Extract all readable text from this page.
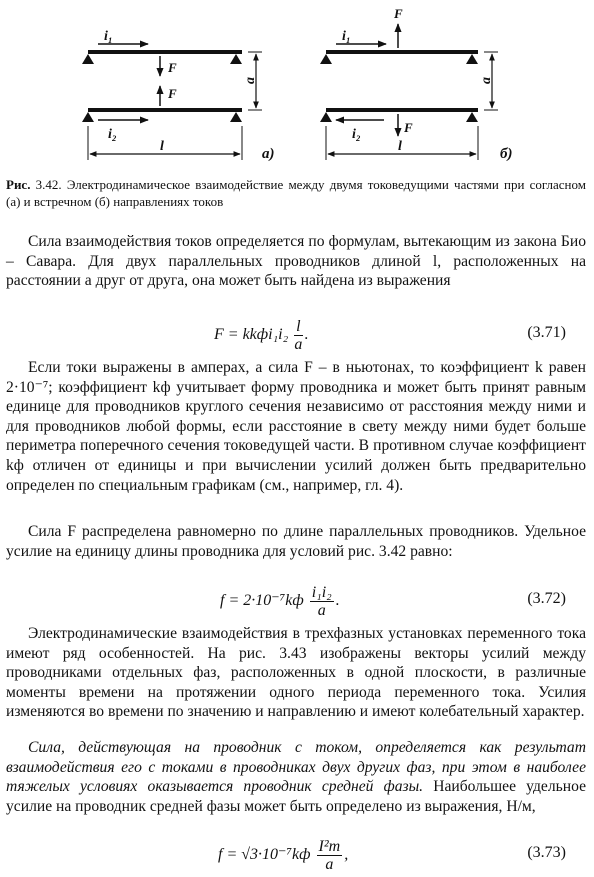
i₁
F
a
F
i₂
l	а)
i₁
F
a
F
i₂
l	б)
Рис. 3.42. Электродинамическое взаимодействие между двумя токоведущими частями при согласном (а) и встречном (б) направлениях токов
Сила взаимодействия токов определяется по формулам, вытекающим из закона Био – Савара. Для двух параллельных проводников длиной l, расположенных на расстоянии a друг от друга, она может быть найдена из выражения
F = kkфi₁i₂ $\frac{l}{a}$ .	(3.71)
Если токи выражены в амперах, а сила F – в ньютонах, то коэффициент k равен 2·10⁻⁷; коэффициент kф учитывает форму проводника и может быть принят равным единице для проводников круглого сечения независимо от расстояния между ними и для проводников любой формы, если расстояние в свету между ними будет больше периметра поперечного сечения токоведущей части. В противном случае коэффициент kф отличен от единицы и при вычислении усилий должен быть предварительно определен по специальным графикам (см., например, гл. 4).
Сила F распределена равномерно по длине параллельных проводников. Удельное усилие на единицу длины проводника для условий рис. 3.42 равно:
$f = 2\cdot 10^{-7}kф \frac{\text{i₁i₂}}{a}$ .	(3.72)
Электродинамические взаимодействия в трехфазных установках переменного тока имеют ряд особенностей. На рис. 3.43 изображены векторы усилий между проводниками отдельных фаз, расположенных в одной плоскости, в различные моменты времени на протяжении одного периода переменного тока. Усилия изменяются во времени по значению и направлению и имеют колебательный характер.
Сила, действующая на проводник с током, определяется как результат взаимодействия его с токами в проводниках двух других фаз, при этом в наиболее тяжелых условиях оказывается проводник средней фазы. Наибольшее удельное усилие на проводник средней фазы может быть определено из выражения, Н/м,
$f = √3\cdot 10^{-7}kф \frac{\text{I²m}}{a}$ ,	(3.73)
